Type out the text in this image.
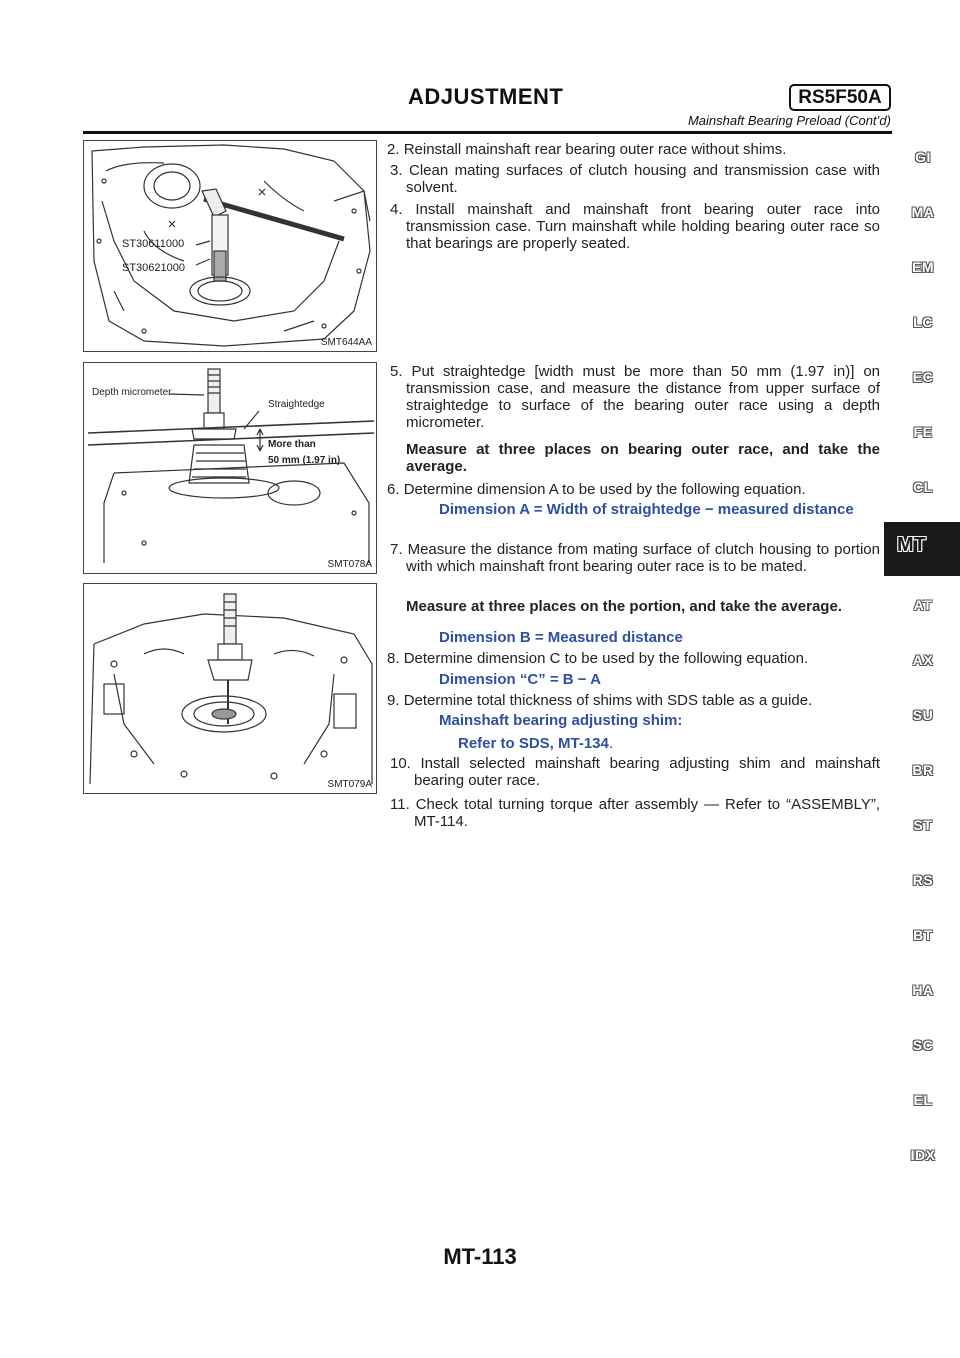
ADJUSTMENT	RS5F50A
Mainshaft Bearing Preload (Cont’d)
ST30611000
ST30621000
SMT644AA
Depth micrometer
Straightedge
More than
50 mm (1.97 in)
SMT078A
SMT079A
2. Reinstall mainshaft rear bearing outer race without shims.
3. Clean mating surfaces of clutch housing and transmission case with solvent.
4. Install mainshaft and mainshaft front bearing outer race into transmission case. Turn mainshaft while holding bearing outer race so that bearings are properly seated.
5. Put straightedge [width must be more than 50 mm (1.97 in)] on transmission case, and measure the distance from upper surface of straightedge to surface of the bearing outer race using a depth micrometer.
Measure at three places on bearing outer race, and take the average.
6. Determine dimension A to be used by the following equation.
Dimension A = Width of straightedge − measured distance
7. Measure the distance from mating surface of clutch housing to portion with which mainshaft front bearing outer race is to be mated.
Measure at three places on the portion, and take the average.
Dimension B = Measured distance
8. Determine dimension C to be used by the following equation.
Dimension “C” = B − A
9. Determine total thickness of shims with SDS table as a guide.
Mainshaft bearing adjusting shim:
Refer to SDS, MT-134.
10. Install selected mainshaft bearing adjusting shim and mainshaft bearing outer race.
11. Check total turning torque after assembly — Refer to “ASSEMBLY”, MT-114.
GI
MA
EM
LC
EC
FE
CL
MT
AT
AX
SU
BR
ST
RS
BT
HA
SC
EL
IDX
MT-113
